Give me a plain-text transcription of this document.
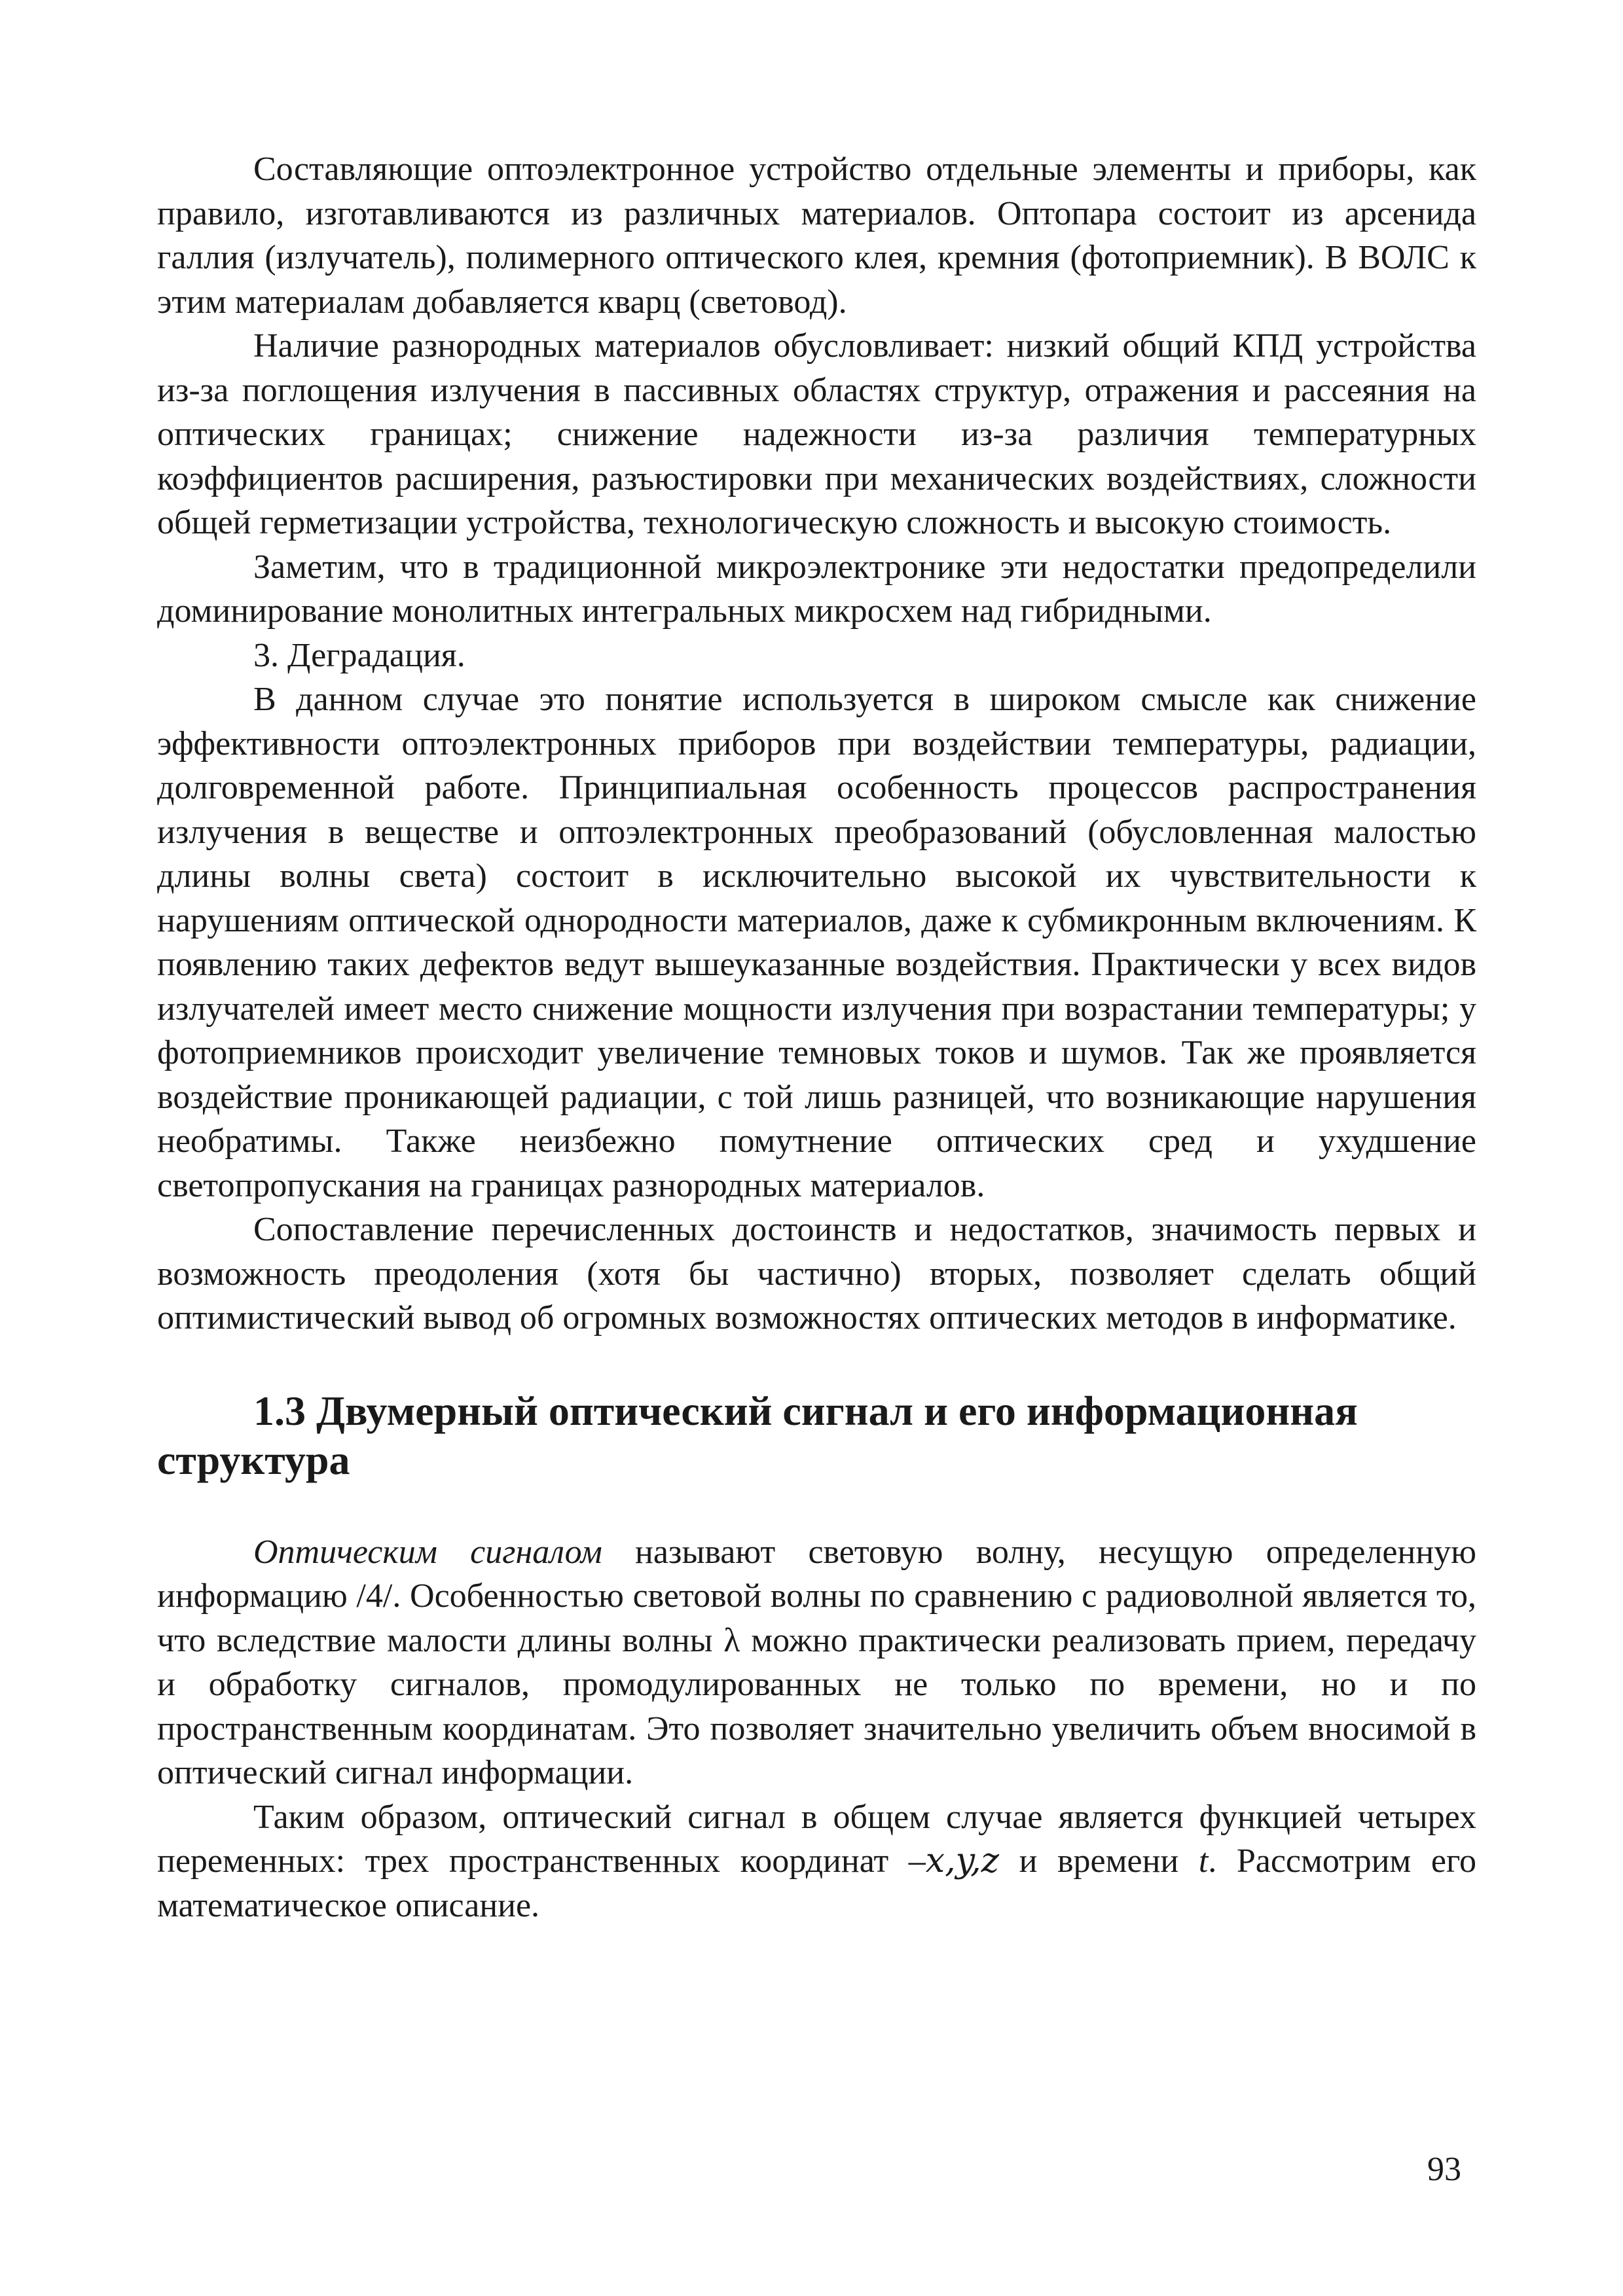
Составляющие оптоэлектронное устройство отдельные элементы и приборы, как правило, изготавливаются из различных материалов. Оптопара состоит из арсенида галлия (излучатель), полимерного оптического клея, кремния (фотоприемник). В ВОЛС к этим материалам добавляется кварц (световод).

Наличие разнородных материалов обусловливает: низкий общий КПД устройства из-за поглощения излучения в пассивных областях структур, отражения и рассеяния на оптических границах; снижение надежности из-за различия температурных коэффициентов расширения, разъюстировки при механических воздействиях, сложности общей герметизации устройства, технологическую сложность и высокую стоимость.

Заметим, что в традиционной микроэлектронике эти недостатки предопределили доминирование монолитных интегральных микросхем над гибридными.

3. Деградация.

В данном случае это понятие используется в широком смысле как снижение эффективности оптоэлектронных приборов при воздействии температуры, радиации, долговременной работе. Принципиальная особенность процессов распространения излучения в веществе и оптоэлектронных преобразований (обусловленная малостью длины волны света) состоит в исключительно высокой их чувствительности к нарушениям оптической однородности материалов, даже к субмикронным включениям. К появлению таких дефектов ведут вышеуказанные воздействия. Практически у всех видов излучателей имеет место снижение мощности излучения при возрастании температуры; у фотоприемников происходит увеличение темновых токов и шумов. Так же проявляется воздействие проникающей радиации, с той лишь разницей, что возникающие нарушения необратимы. Также неизбежно помутнение оптических сред и ухудшение светопропускания на границах разнородных материалов.

Сопоставление перечисленных достоинств и недостатков, значимость первых и возможность преодоления (хотя бы частично) вторых, позволяет сделать общий оптимистический вывод об огромных возможностях оптических методов в информатике.

1.3 Двумерный оптический сигнал и его информационная структура

Оптическим сигналом называют световую волну, несущую определенную информацию /4/. Особенностью световой волны по сравнению с радиоволной является то, что вследствие малости длины волны λ можно практически реализовать прием, передачу и обработку сигналов, промодулированных не только по времени, но и по пространственным координатам. Это позволяет значительно увеличить объем вносимой в оптический сигнал информации.

Таким образом, оптический сигнал в общем случае является функцией четырех переменных: трех пространственных координат –x,y,z и времени t. Рассмотрим его математическое описание.

93
